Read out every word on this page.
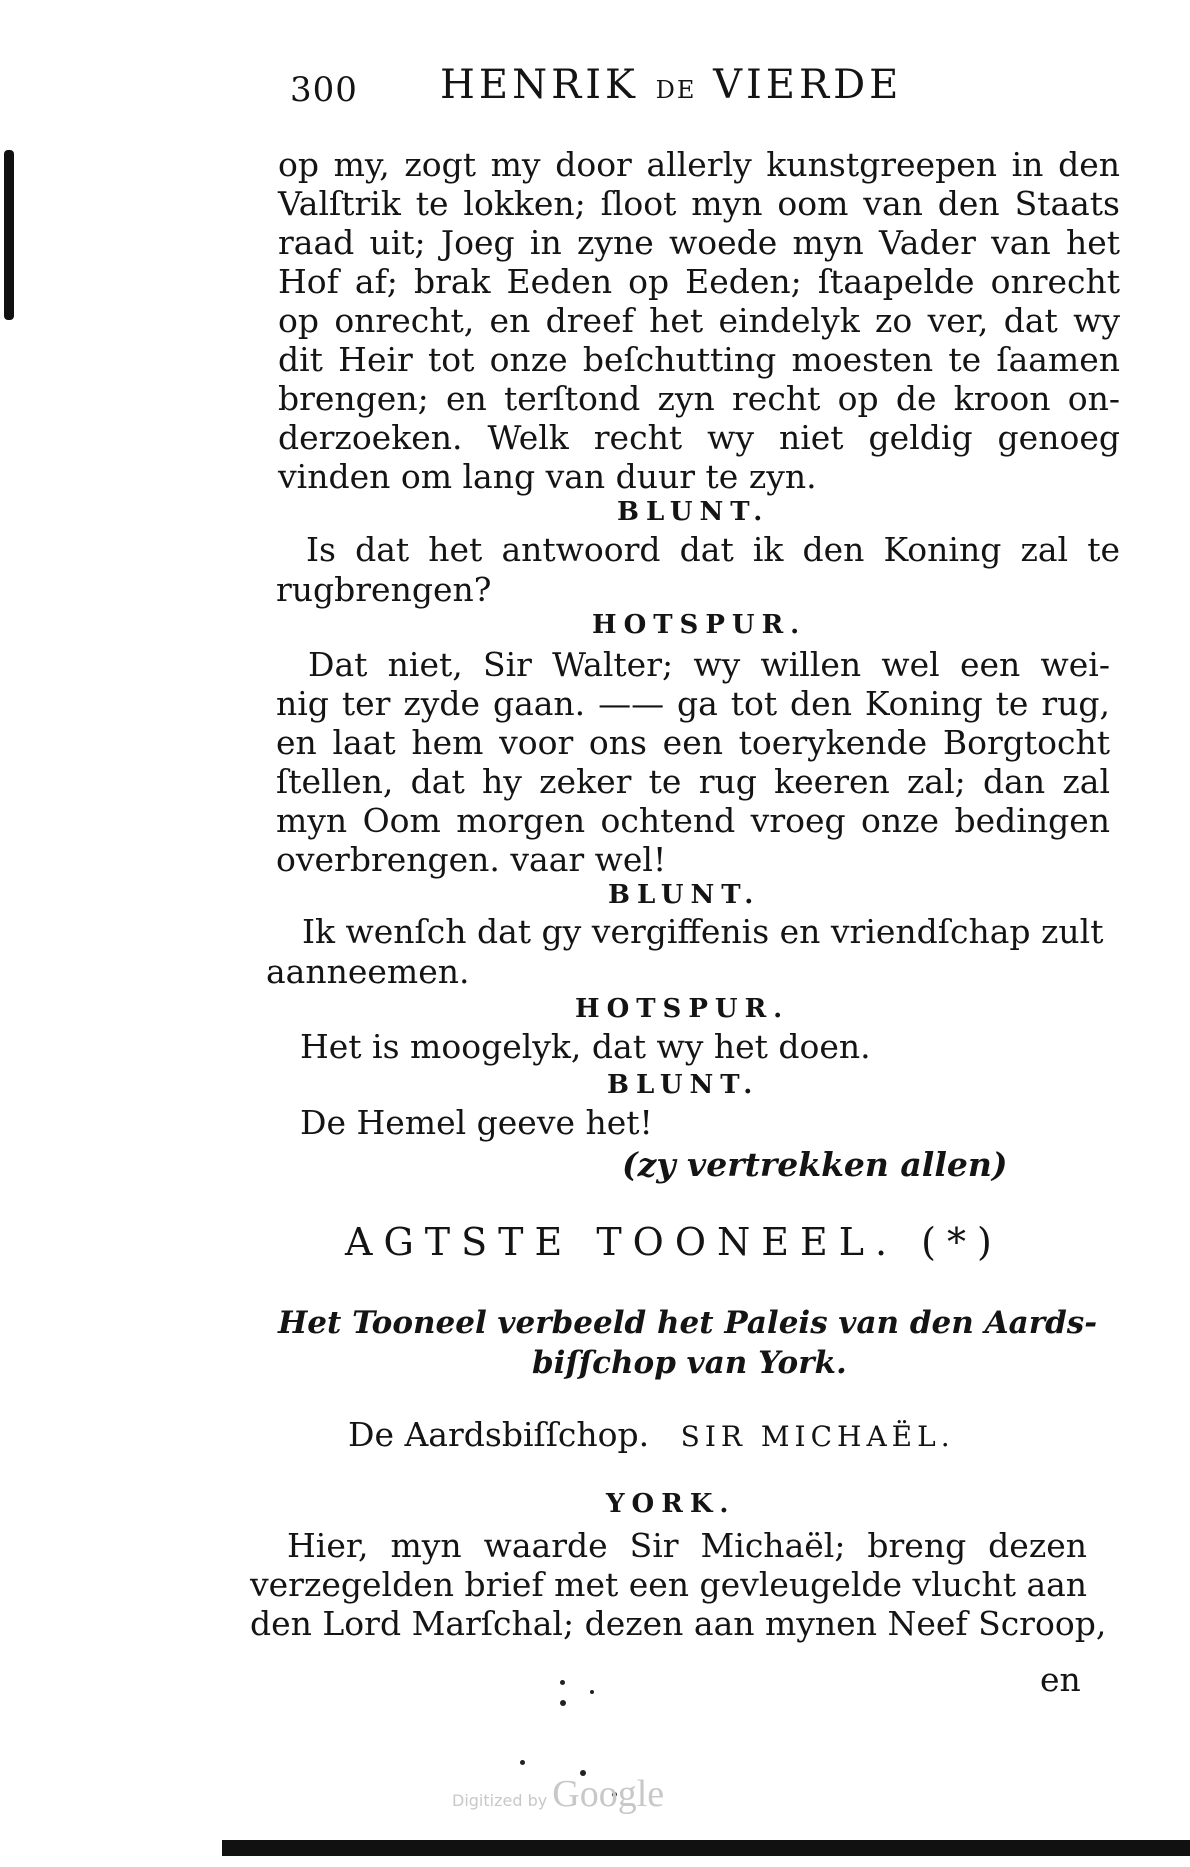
300 HENRIK DE VIERDE
op my, zogt my door allerly kunstgreepen in den
Valſtrik te lokken; ſloot myn oom van den Staats
raad uit; Joeg in zyne woede myn Vader van het
Hof af; brak Eeden op Eeden; ſtaapelde onrecht
op onrecht, en dreef het eindelyk zo ver, dat wy
dit Heir tot onze beſchutting moesten te ſaamen
brengen; en terſtond zyn recht op de kroon on-
derzoeken. Welk recht wy niet geldig genoeg
vinden om lang van duur te zyn.
BLUNT.
Is dat het antwoord dat ik den Koning zal te
rugbrengen?
HOTSPUR.
Dat niet, Sir Walter; wy willen wel een wei-
nig ter zyde gaan. —— ga tot den Koning te rug,
en laat hem voor ons een toerykende Borgtocht
ſtellen, dat hy zeker te rug keeren zal; dan zal
myn Oom morgen ochtend vroeg onze bedingen
overbrengen. vaar wel!
BLUNT.
Ik wenſch dat gy vergiffenis en vriendſchap zult
aanneemen.
HOTSPUR.
Het is moogelyk, dat wy het doen.
BLUNT.
De Hemel geeve het!
(zy vertrekken allen)
AGTSTE TOONEEL. (*)
Het Tooneel verbeeld het Paleis van den Aards-
biſſchop van York.
De Aardsbiſſchop. SIR MICHAËL.
YORK.
Hier, myn waarde Sir Michaël; breng dezen
verzegelden brief met een gevleugelde vlucht aan
den Lord Marſchal; dezen aan mynen Neef Scroop,
en
Digitized by Google
